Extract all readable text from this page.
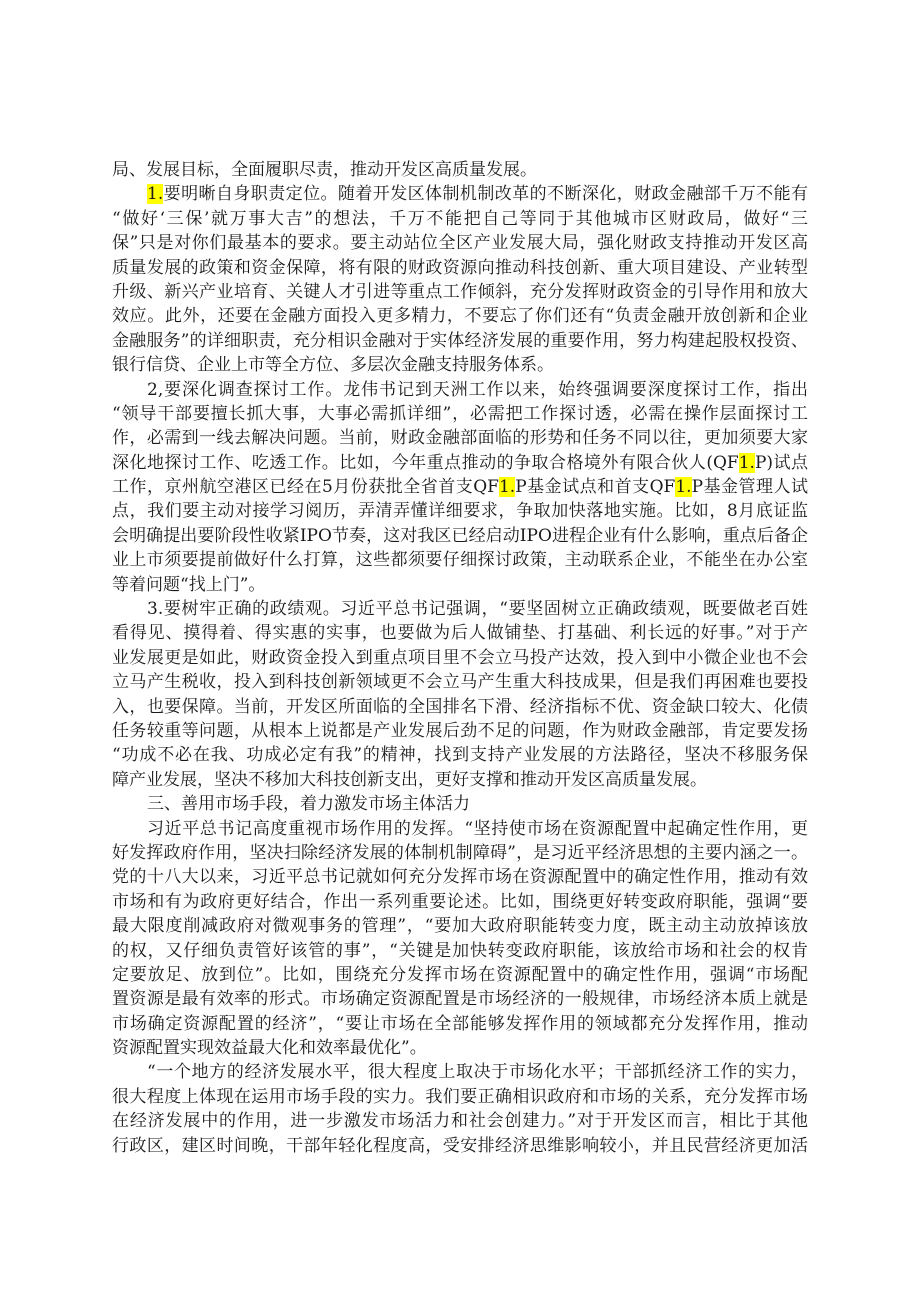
局、发展目标，全面履职尽责，推动开发区高质量发展。
1.要明晰自身职责定位。随着开发区体制机制改革的不断深化，财政金融部千万不能有
“做好‘三保’就万事大吉”的想法，千万不能把自己等同于其他城市区财政局，做好“三
保”只是对你们最基本的要求。要主动站位全区产业发展大局，强化财政支持推动开发区高
质量发展的政策和资金保障，将有限的财政资源向推动科技创新、重大项目建设、产业转型
升级、新兴产业培育、关键人才引进等重点工作倾斜，充分发挥财政资金的引导作用和放大
效应。此外，还要在金融方面投入更多精力，不要忘了你们还有“负责金融开放创新和企业
金融服务”的详细职责，充分相识金融对于实体经济发展的重要作用，努力构建起股权投资、
银行信贷、企业上市等全方位、多层次金融支持服务体系。
2,要深化调查探讨工作。龙伟书记到天洲工作以来，始终强调要深度探讨工作，指出
“领导干部要擅长抓大事，大事必需抓详细”，必需把工作探讨透，必需在操作层面探讨工
作，必需到一线去解决问题。当前，财政金融部面临的形势和任务不同以往，更加须要大家
深化地探讨工作、吃透工作。比如，今年重点推动的争取合格境外有限合伙人(QF1.P)试点
工作，京州航空港区已经在5月份获批全省首支QF1.P基金试点和首支QF1.P基金管理人试
点，我们要主动对接学习阅历，弄清弄懂详细要求，争取加快落地实施。比如，8月底证监
会明确提出要阶段性收紧IPO节奏，这对我区已经启动IPO进程企业有什么影响，重点后备企
业上市须要提前做好什么打算，这些都须要仔细探讨政策，主动联系企业，不能坐在办公室
等着问题“找上门”。
3.要树牢正确的政绩观。习近平总书记强调，“要坚固树立正确政绩观，既要做老百姓
看得见、摸得着、得实惠的实事，也要做为后人做铺垫、打基础、利长远的好事。”对于产
业发展更是如此，财政资金投入到重点项目里不会立马投产达效，投入到中小微企业也不会
立马产生税收，投入到科技创新领域更不会立马产生重大科技成果，但是我们再困难也要投
入，也要保障。当前，开发区所面临的全国排名下滑、经济指标不优、资金缺口较大、化债
任务较重等问题，从根本上说都是产业发展后劲不足的问题，作为财政金融部，肯定要发扬
“功成不必在我、功成必定有我”的精神，找到支持产业发展的方法路径，坚决不移服务保
障产业发展，坚决不移加大科技创新支出，更好支撑和推动开发区高质量发展。
三、善用市场手段，着力激发市场主体活力
习近平总书记高度重视市场作用的发挥。“坚持使市场在资源配置中起确定性作用，更
好发挥政府作用，坚决扫除经济发展的体制机制障碍”，是习近平经济思想的主要内涵之一。
党的十八大以来，习近平总书记就如何充分发挥市场在资源配置中的确定性作用，推动有效
市场和有为政府更好结合，作出一系列重要论述。比如，围绕更好转变政府职能，强调“要
最大限度削减政府对微观事务的管理”，“要加大政府职能转变力度，既主动主动放掉该放
的权，又仔细负责管好该管的事”，“关键是加快转变政府职能，该放给市场和社会的权肯
定要放足、放到位”。比如，围绕充分发挥市场在资源配置中的确定性作用，强调“市场配
置资源是最有效率的形式。市场确定资源配置是市场经济的一般规律，市场经济本质上就是
市场确定资源配置的经济”，“要让市场在全部能够发挥作用的领域都充分发挥作用，推动
资源配置实现效益最大化和效率最优化”。
“一个地方的经济发展水平，很大程度上取决于市场化水平；干部抓经济工作的实力，
很大程度上体现在运用市场手段的实力。我们要正确相识政府和市场的关系，充分发挥市场
在经济发展中的作用，进一步激发市场活力和社会创建力。”对于开发区而言，相比于其他
行政区，建区时间晚，干部年轻化程度高，受安排经济思维影响较小，并且民营经济更加活
